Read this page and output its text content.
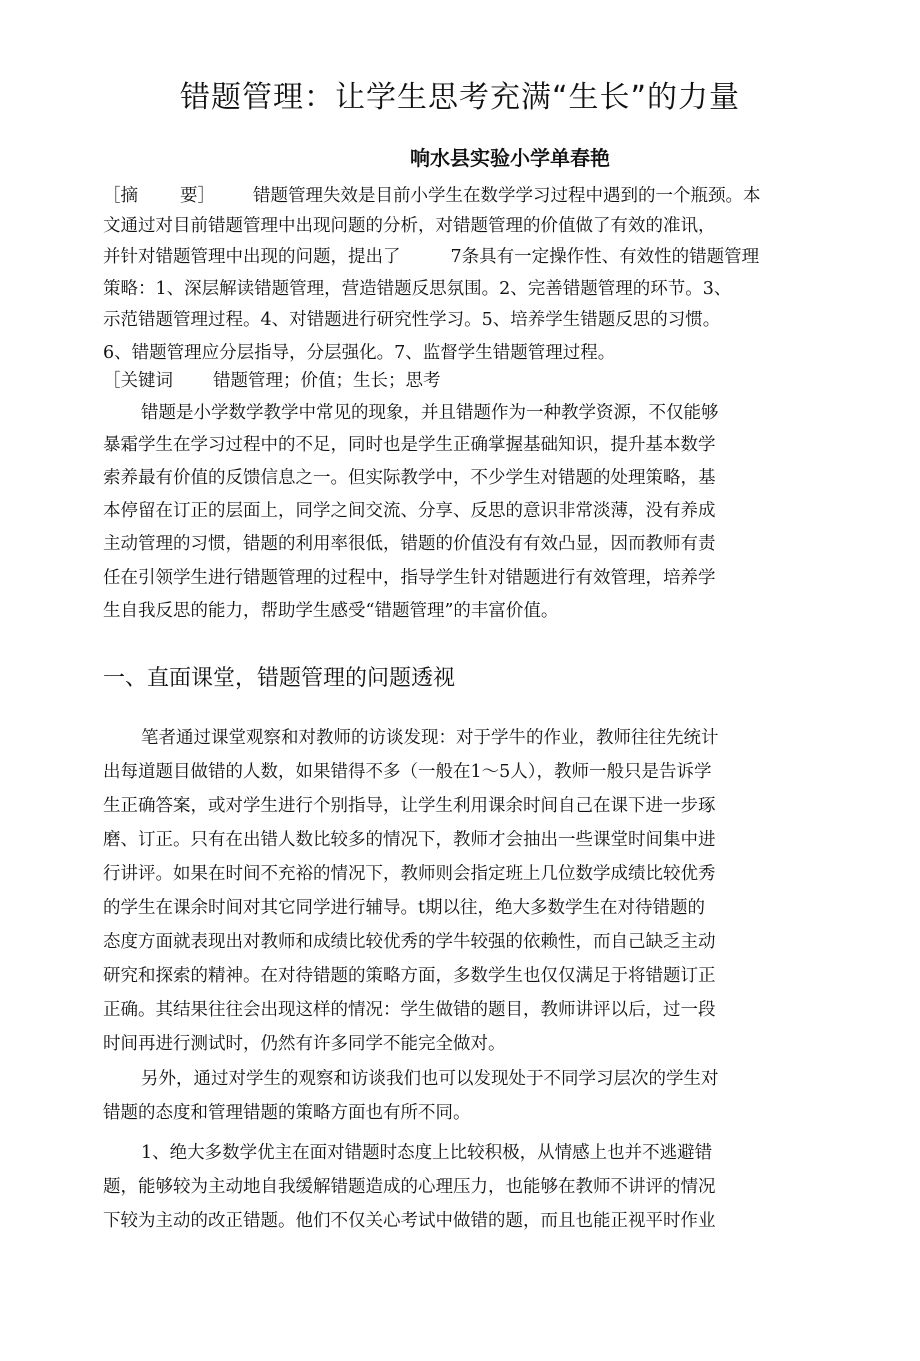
错题管理：让学生思考充满“生长”的力量
响水县实验小学单春艳
［摘 要］ 错题管理失效是目前小学生在数学学习过程中遇到的一个瓶颈。本
文通过对目前错题管理中出现问题的分析，对错题管理的价值做了有效的准讯，
并针对错题管理中出现的问题，提出了	7条具有一定操作性、有效性的错题管理
策略：1、深层解读错题管理，营造错题反思氛围。2、完善错题管理的环节。3、
示范错题管理过程。4、对错题进行研究性学习。5、培养学生错题反思的习惯。
6、错题管理应分层指导，分层强化。7、监督学生错题管理过程。
［关键词 错题管理；价值；生长；思考
错题是小学数学教学中常见的现象，并且错题作为一种教学资源，不仅能够
暴霜学生在学习过程中的不足，同时也是学生正确掌握基础知识，提升基本数学
索养最有价值的反馈信息之一。但实际教学中，不少学生对错题的处理策略，基
本停留在订正的层面上，同学之间交流、分享、反思的意识非常淡薄，没有养成
主动管理的习惯，错题的利用率很低，错题的价值没有有效凸显，因而教师有责
任在引领学生进行错题管理的过程中，指导学生针对错题进行有效管理，培养学
生自我反思的能力，帮助学生感受“错题管理”的丰富价值。
一、直面课堂，错题管理的问题透视
笔者通过课堂观察和对教师的访谈发现：对于学牛的作业，教师往往先统计
出每道题目做错的人数，如果错得不多（一般在1〜5人），教师一般只是告诉学
生正确答案，或对学生进行个别指导，让学生利用课余时间自己在课下进一步琢
磨、订正。只有在出错人数比较多的情况下，教师才会抽出一些课堂时间集中进
行讲评。如果在时间不充裕的情况下，教师则会指定班上几位数学成绩比较优秀
的学生在课余时间对其它同学进行辅导。t期以往，绝大多数学生在对待错题的
态度方面就表现出对教师和成绩比较优秀的学牛较强的依赖性，而自己缺乏主动
研究和探索的精神。在对待错题的策略方面，多数学生也仅仅满足于将错题订正
正确。其结果往往会出现这样的情况：学生做错的题目，教师讲评以后，过一段
时间再进行测试时，仍然有许多同学不能完全做对。
另外，通过对学生的观察和访谈我们也可以发现处于不同学习层次的学生对
错题的态度和管理错题的策略方面也有所不同。
1、绝大多数学优主在面对错题时态度上比较积极，从情感上也并不逃避错
题，能够较为主动地自我缓解错题造成的心理压力，也能够在教师不讲评的情况
下较为主动的改正错题。他们不仅关心考试中做错的题，而且也能正视平时作业
